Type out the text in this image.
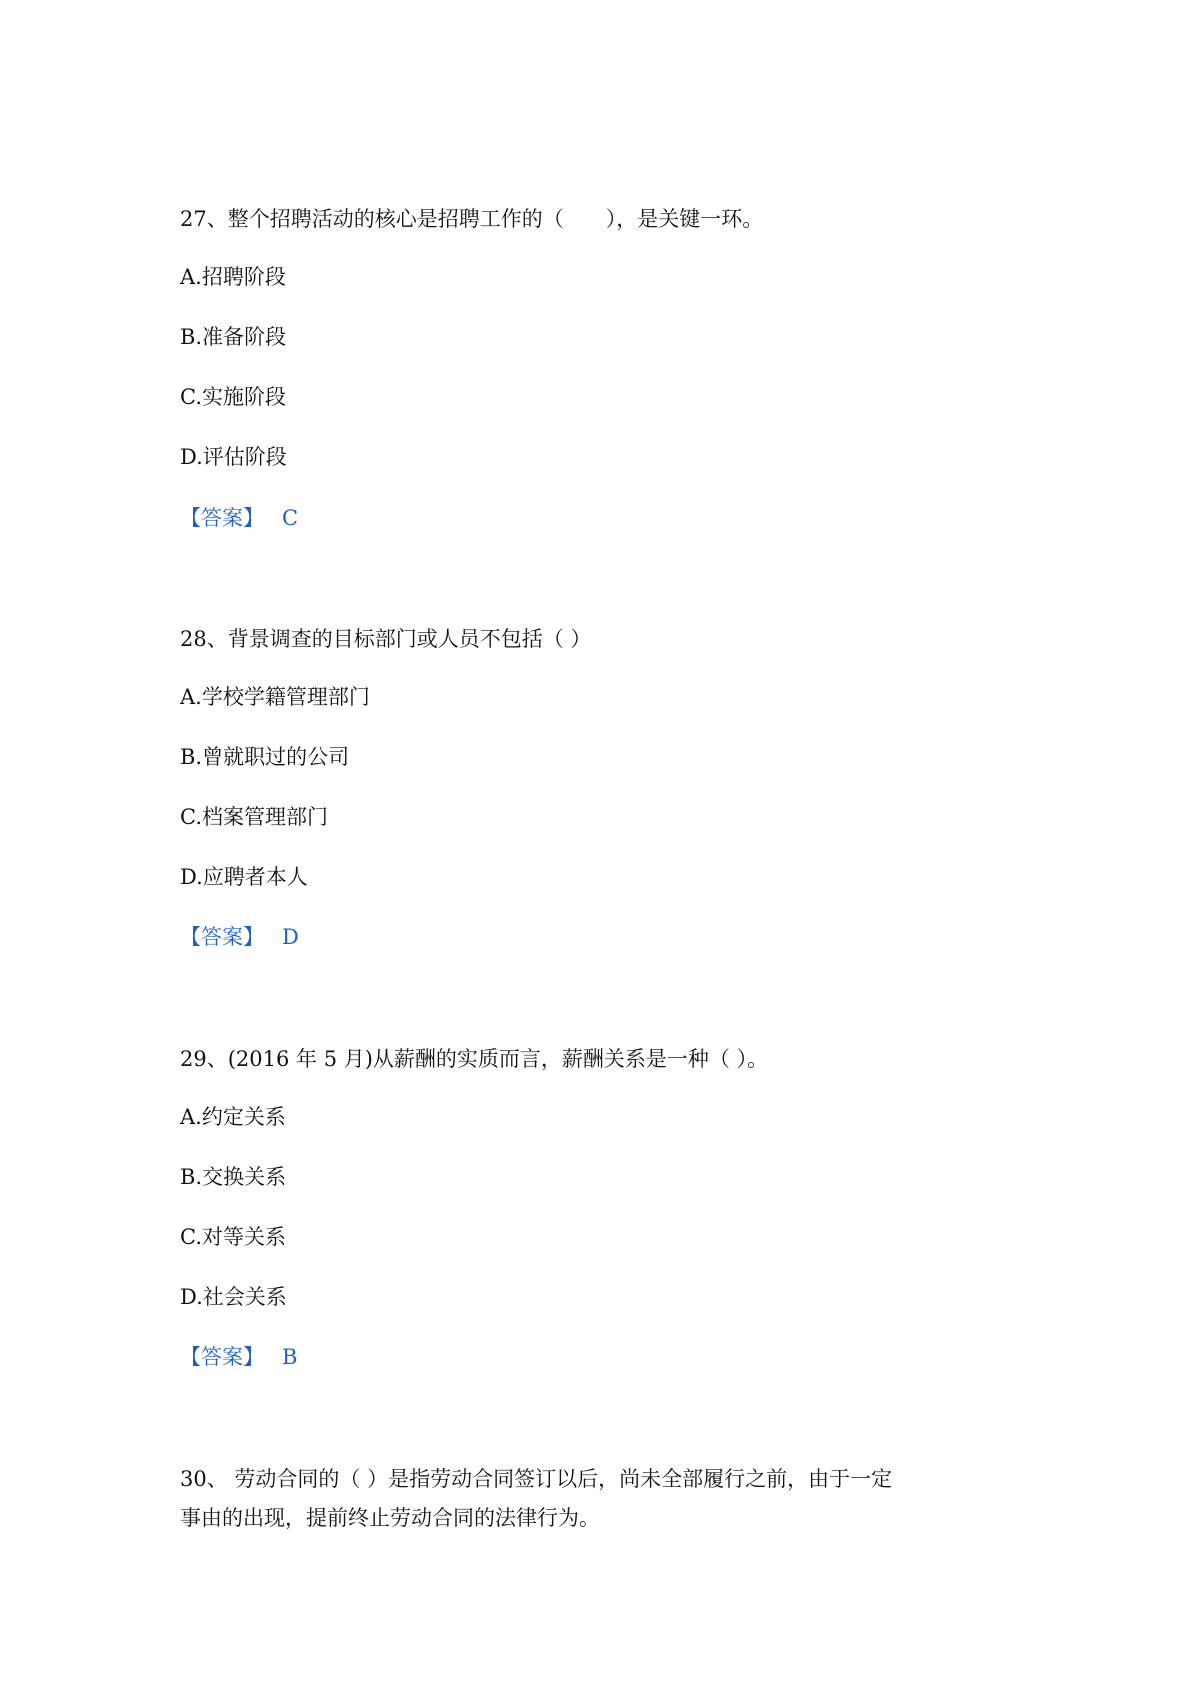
27、整个招聘活动的核心是招聘工作的（　　），是关键一环。
A.招聘阶段
B.准备阶段
C.实施阶段
D.评估阶段
【答案】 C
28、背景调查的目标部门或人员不包括（ ）
A.学校学籍管理部门
B.曾就职过的公司
C.档案管理部门
D.应聘者本人
【答案】 D
29、(2016 年 5 月)从薪酬的实质而言，薪酬关系是一种（ ）。
A.约定关系
B.交换关系
C.对等关系
D.社会关系
【答案】 B
30、 劳动合同的（ ）是指劳动合同签订以后，尚未全部履行之前，由于一定
事由的出现，提前终止劳动合同的法律行为。
